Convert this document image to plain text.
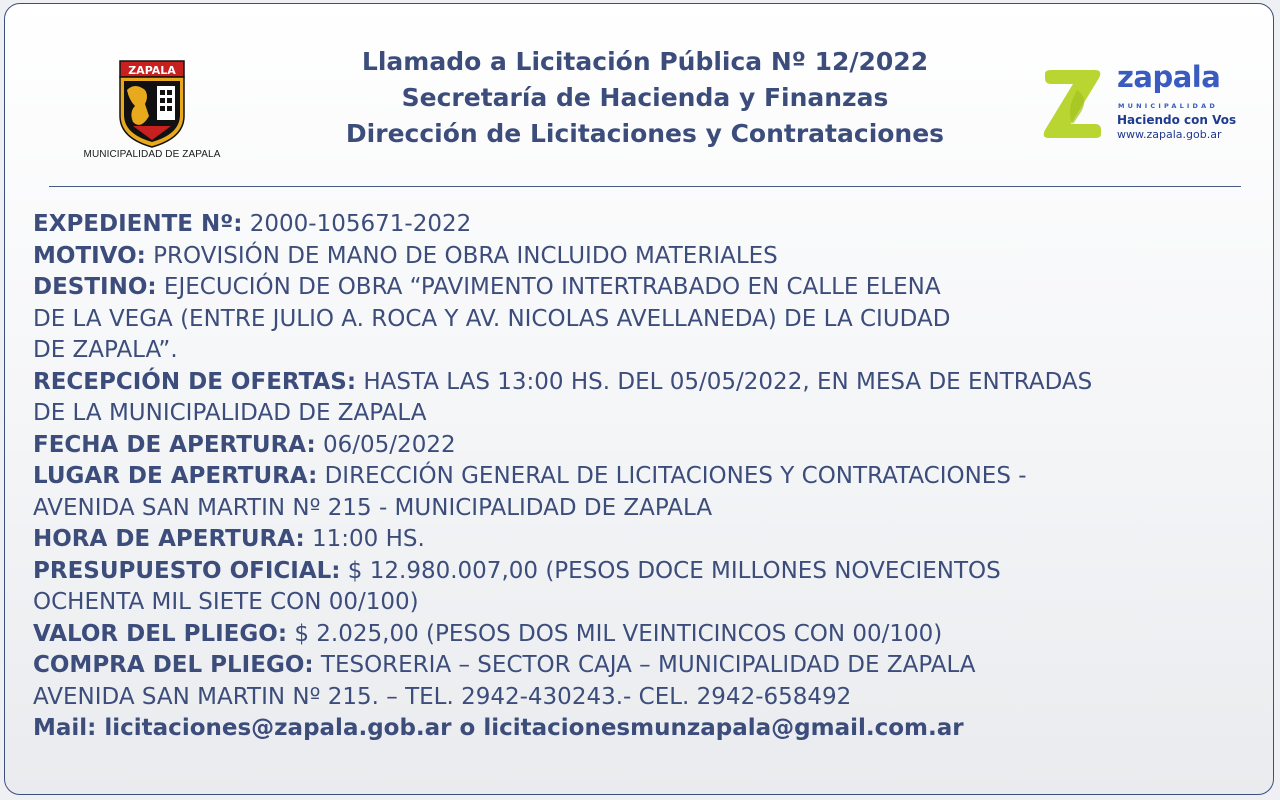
ZAPALA
MUNICIPALIDAD DE ZAPALA
Llamado a Licitación Pública Nº 12/2022
Secretaría de Hacienda y Finanzas
Dirección de Licitaciones y Contrataciones
zapala
MUNICIPALIDAD
Haciendo con Vos
www.zapala.gob.ar
EXPEDIENTE Nº: 2000-105671-2022
MOTIVO: PROVISIÓN DE MANO DE OBRA INCLUIDO MATERIALES
DESTINO: EJECUCIÓN DE OBRA “PAVIMENTO INTERTRABADO EN CALLE ELENA
DE LA VEGA (ENTRE JULIO A. ROCA Y AV. NICOLAS AVELLANEDA) DE LA CIUDAD
DE ZAPALA”.
RECEPCIÓN DE OFERTAS: HASTA LAS 13:00 HS. DEL 05/05/2022, EN MESA DE ENTRADAS
DE LA MUNICIPALIDAD DE ZAPALA
FECHA DE APERTURA: 06/05/2022
LUGAR DE APERTURA: DIRECCIÓN GENERAL DE LICITACIONES Y CONTRATACIONES -
AVENIDA SAN MARTIN Nº 215 - MUNICIPALIDAD DE ZAPALA
HORA DE APERTURA: 11:00 HS.
PRESUPUESTO OFICIAL: $ 12.980.007,00 (PESOS DOCE MILLONES NOVECIENTOS
OCHENTA MIL SIETE CON 00/100)
VALOR DEL PLIEGO: $ 2.025,00 (PESOS DOS MIL VEINTICINCOS CON 00/100)
COMPRA DEL PLIEGO: TESORERIA – SECTOR CAJA – MUNICIPALIDAD DE ZAPALA
AVENIDA SAN MARTIN Nº 215. – TEL. 2942-430243.- CEL. 2942-658492
Mail: licitaciones@zapala.gob.ar o licitacionesmunzapala@gmail.com.ar
